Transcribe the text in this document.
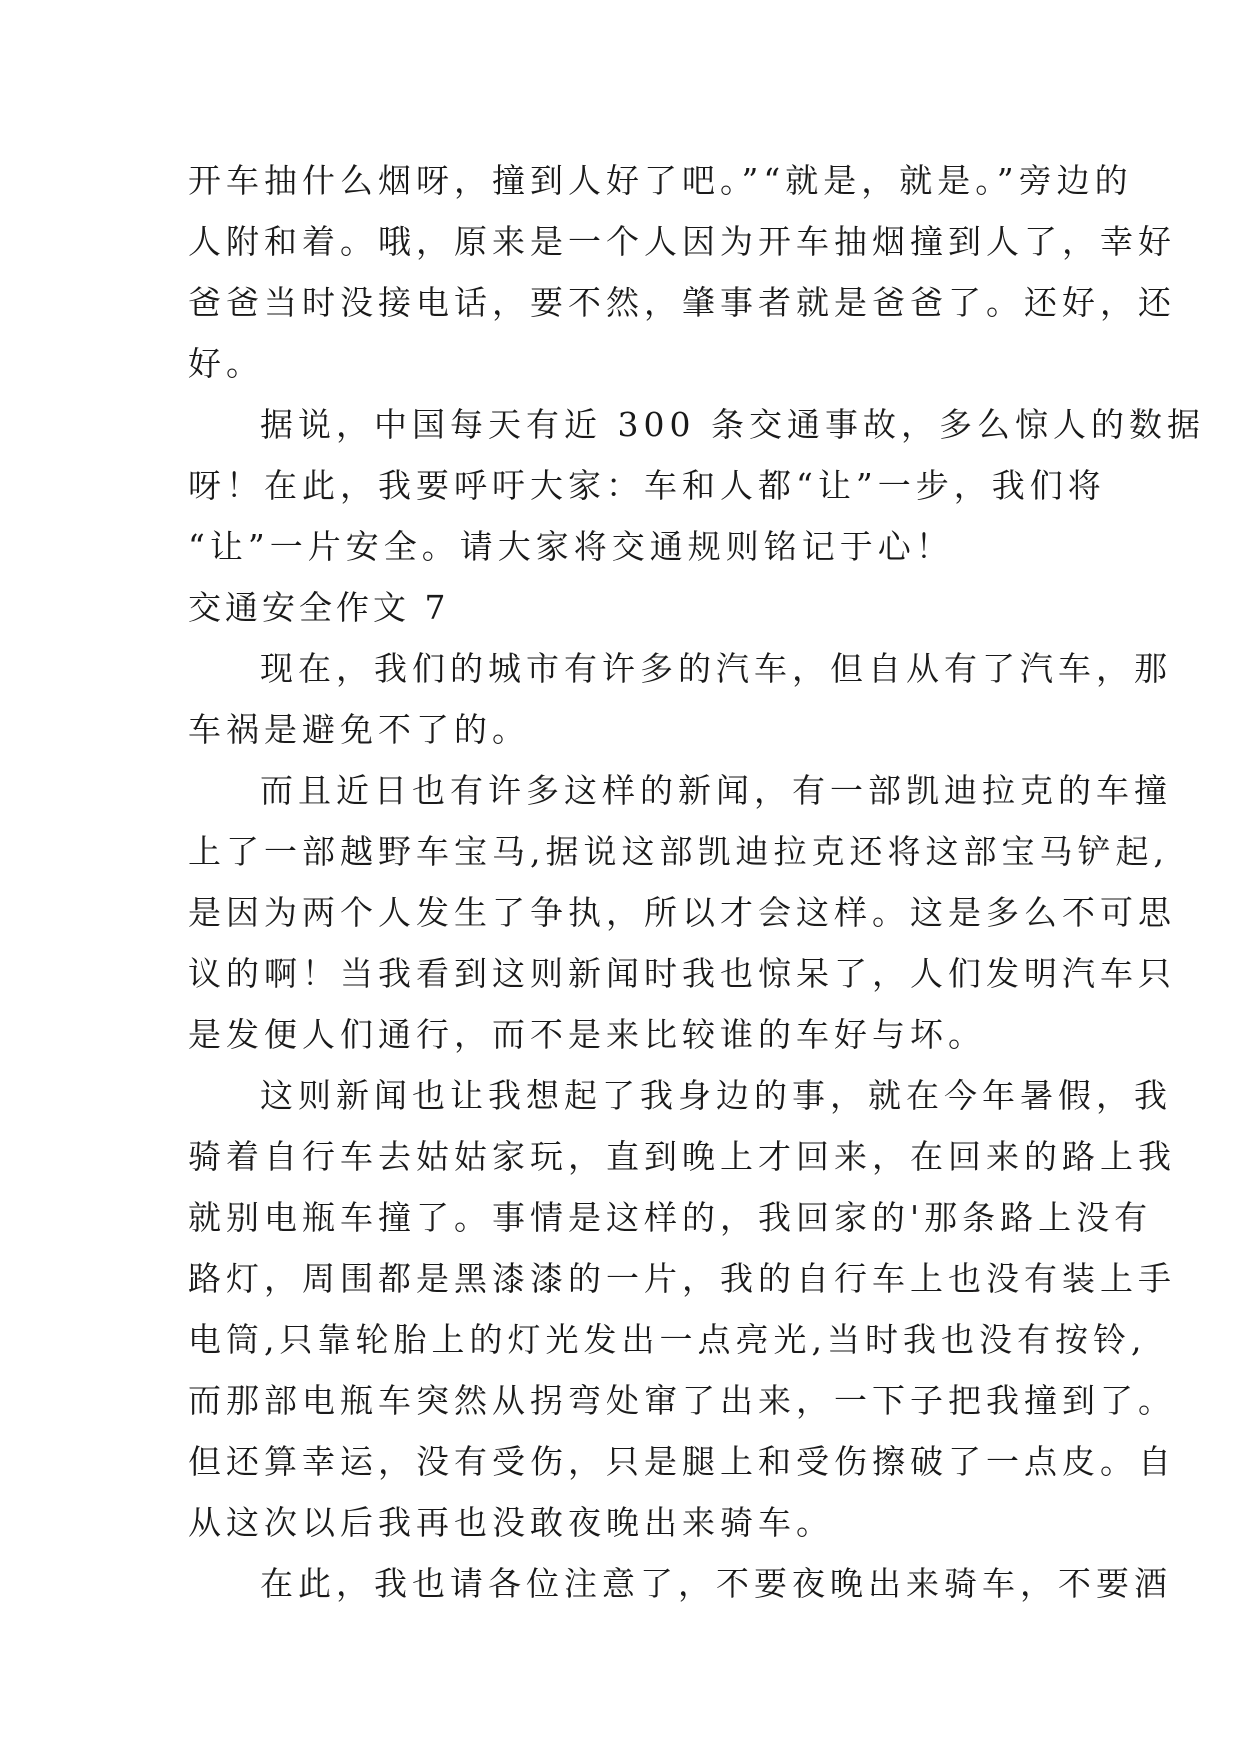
开车抽什么烟呀，撞到人好了吧。”“就是，就是。”旁边的
人附和着。哦，原来是一个人因为开车抽烟撞到人了，幸好
爸爸当时没接电话，要不然，肇事者就是爸爸了。还好，还
好。
据说，中国每天有近 300 条交通事故，多么惊人的数据
呀！在此，我要呼吁大家：车和人都“让”一步，我们将
“让”一片安全。请大家将交通规则铭记于心！
交通安全作文 7
现在，我们的城市有许多的汽车，但自从有了汽车，那
车祸是避免不了的。
而且近日也有许多这样的新闻，有一部凯迪拉克的车撞
上了一部越野车宝马,据说这部凯迪拉克还将这部宝马铲起,
是因为两个人发生了争执，所以才会这样。这是多么不可思
议的啊！当我看到这则新闻时我也惊呆了，人们发明汽车只
是发便人们通行，而不是来比较谁的车好与坏。
这则新闻也让我想起了我身边的事，就在今年暑假，我
骑着自行车去姑姑家玩，直到晚上才回来，在回来的路上我
就别电瓶车撞了。事情是这样的，我回家的'那条路上没有
路灯，周围都是黑漆漆的一片，我的自行车上也没有装上手
电筒,只靠轮胎上的灯光发出一点亮光,当时我也没有按铃,
而那部电瓶车突然从拐弯处窜了出来，一下子把我撞到了。
但还算幸运，没有受伤，只是腿上和受伤擦破了一点皮。自
从这次以后我再也没敢夜晚出来骑车。
在此，我也请各位注意了，不要夜晚出来骑车，不要酒
